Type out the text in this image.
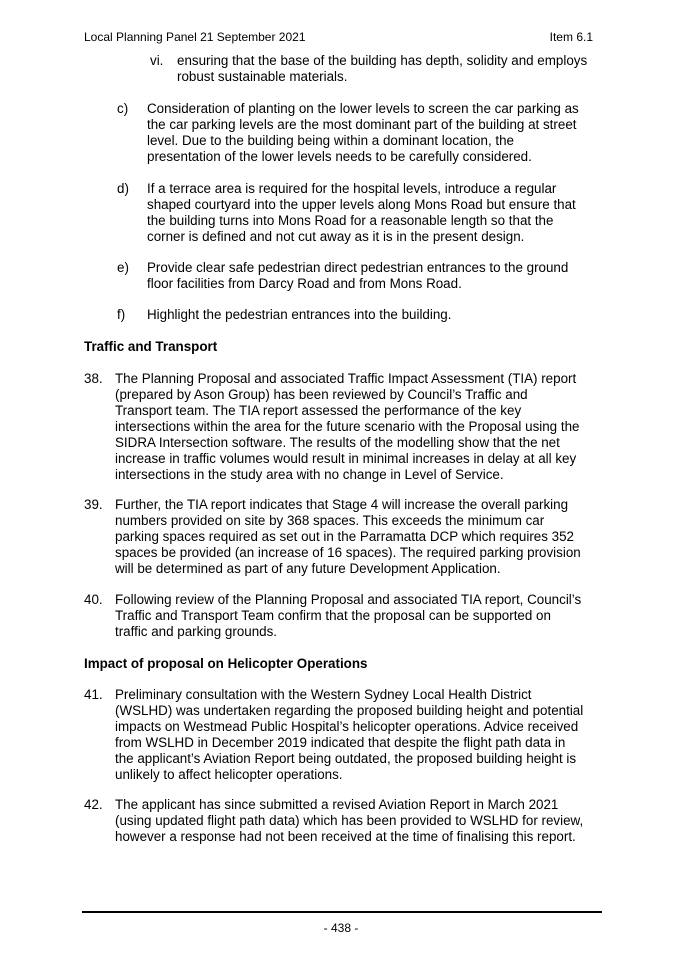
Local Planning Panel 21 September 2021	Item 6.1
vi. ensuring that the base of the building has depth, solidity and employs
robust sustainable materials.
c) Consideration of planting on the lower levels to screen the car parking as
the car parking levels are the most dominant part of the building at street
level. Due to the building being within a dominant location, the
presentation of the lower levels needs to be carefully considered.
d) If a terrace area is required for the hospital levels, introduce a regular
shaped courtyard into the upper levels along Mons Road but ensure that
the building turns into Mons Road for a reasonable length so that the
corner is defined and not cut away as it is in the present design.
e) Provide clear safe pedestrian direct pedestrian entrances to the ground
floor facilities from Darcy Road and from Mons Road.
f) Highlight the pedestrian entrances into the building.
Traffic and Transport
38. The Planning Proposal and associated Traffic Impact Assessment (TIA) report
(prepared by Ason Group) has been reviewed by Council’s Traffic and
Transport team. The TIA report assessed the performance of the key
intersections within the area for the future scenario with the Proposal using the
SIDRA Intersection software. The results of the modelling show that the net
increase in traffic volumes would result in minimal increases in delay at all key
intersections in the study area with no change in Level of Service.
39. Further, the TIA report indicates that Stage 4 will increase the overall parking
numbers provided on site by 368 spaces. This exceeds the minimum car
parking spaces required as set out in the Parramatta DCP which requires 352
spaces be provided (an increase of 16 spaces). The required parking provision
will be determined as part of any future Development Application.
40. Following review of the Planning Proposal and associated TIA report, Council’s
Traffic and Transport Team confirm that the proposal can be supported on
traffic and parking grounds.
Impact of proposal on Helicopter Operations
41. Preliminary consultation with the Western Sydney Local Health District
(WSLHD) was undertaken regarding the proposed building height and potential
impacts on Westmead Public Hospital’s helicopter operations. Advice received
from WSLHD in December 2019 indicated that despite the flight path data in
the applicant’s Aviation Report being outdated, the proposed building height is
unlikely to affect helicopter operations.
42. The applicant has since submitted a revised Aviation Report in March 2021
(using updated flight path data) which has been provided to WSLHD for review,
however a response had not been received at the time of finalising this report.
- 438 -
